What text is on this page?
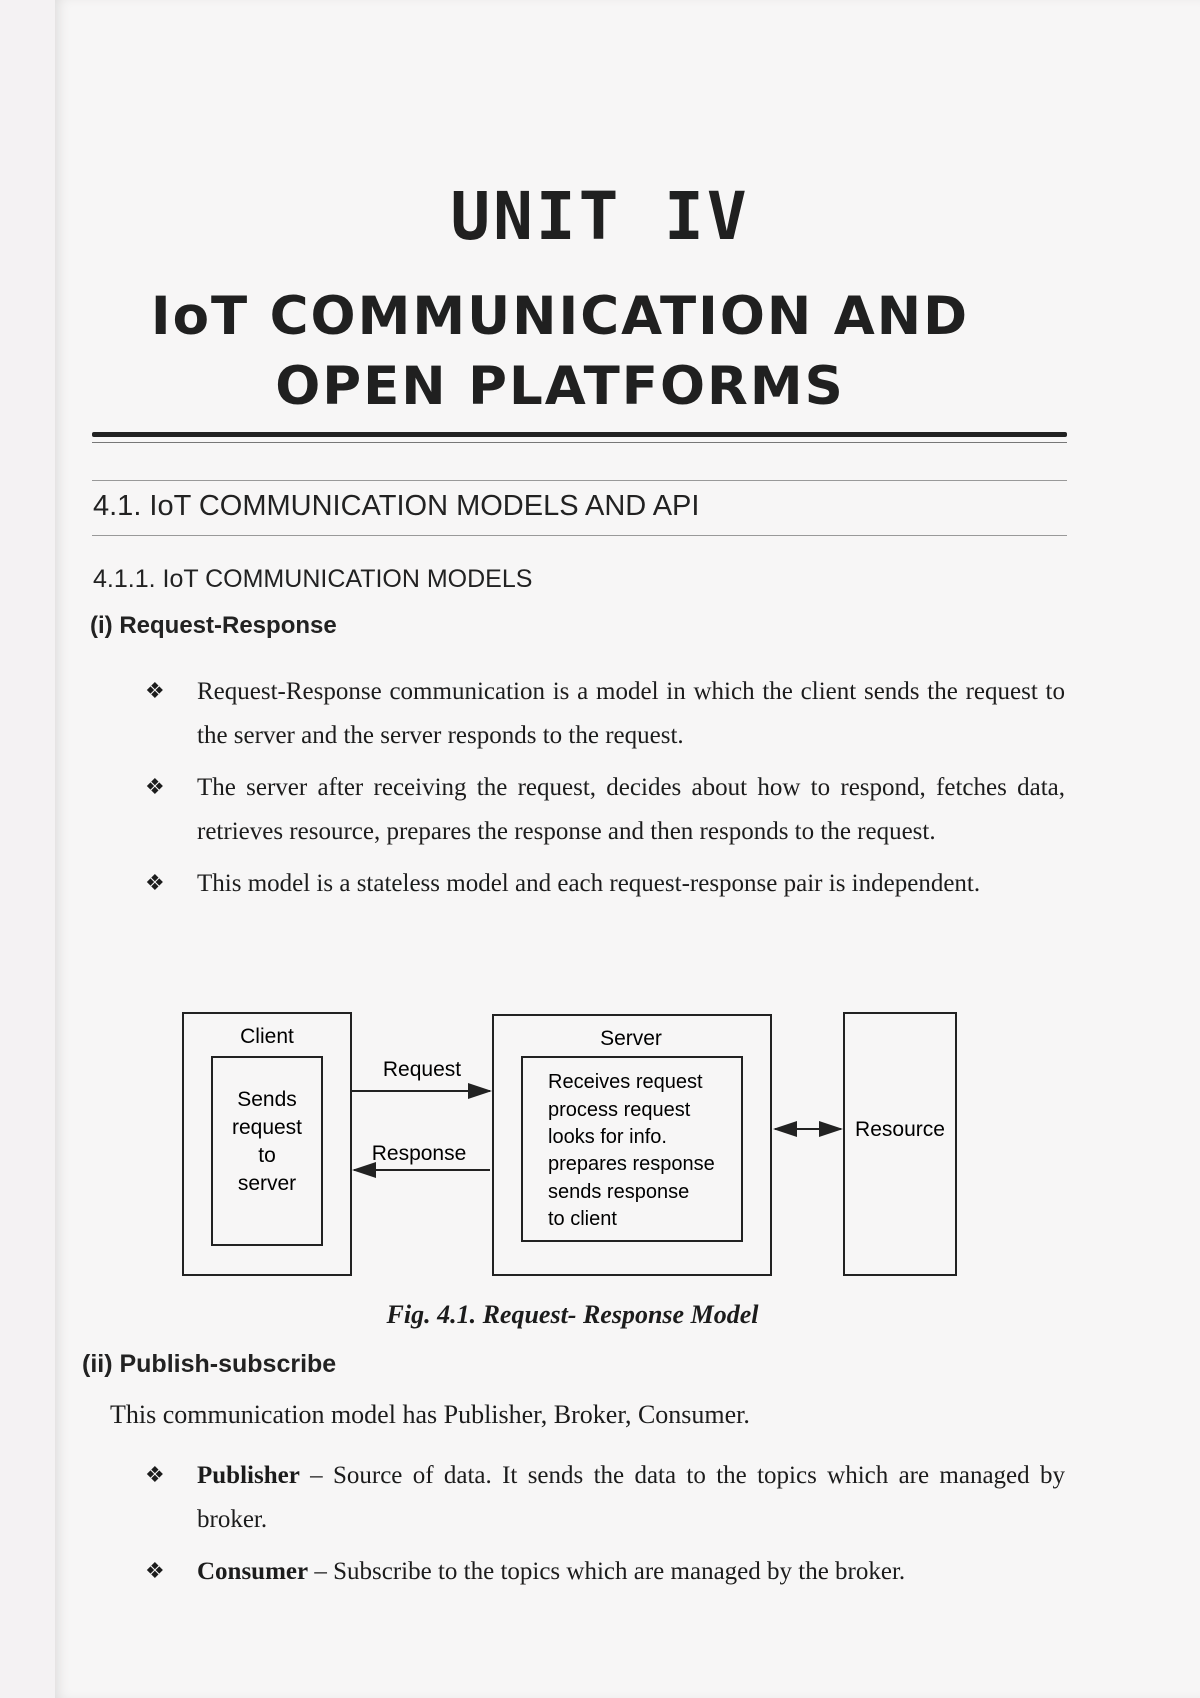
UNIT IV
IoT COMMUNICATION AND
OPEN PLATFORMS
4.1. IoT COMMUNICATION MODELS AND API
4.1.1. IoT COMMUNICATION MODELS
(i) Request-Response
❖ Request-Response communication is a model in which the client sends the request to the server and the server responds to the request.
❖ The server after receiving the request, decides about how to respond, fetches data, retrieves resource, prepares the response and then responds to the request.
❖ This model is a stateless model and each request-response pair is independent.
Client
Sends
request
to
server
Request
Response
Server
Receives request
process request
looks for info.
prepares response
sends response
to client
Resource
Fig. 4.1. Request- Response Model
(ii) Publish-subscribe
This communication model has Publisher, Broker, Consumer.
❖ Publisher – Source of data. It sends the data to the topics which are managed by broker.
❖ Consumer – Subscribe to the topics which are managed by the broker.
